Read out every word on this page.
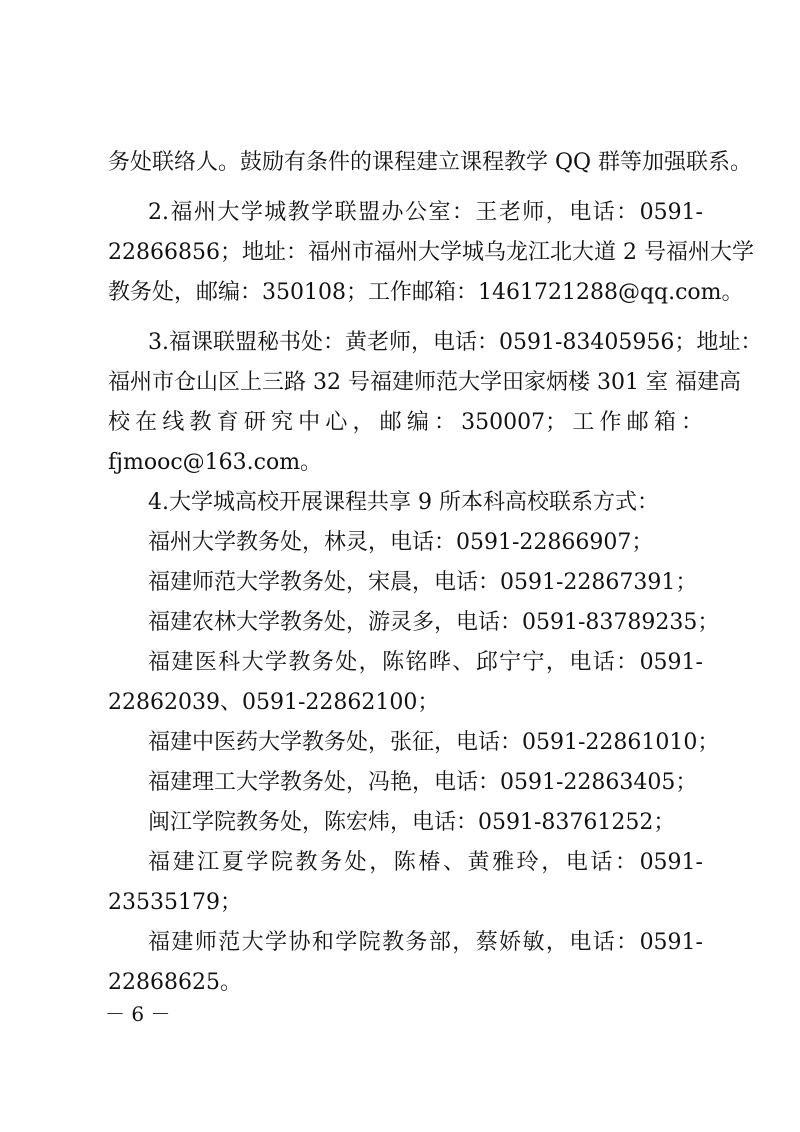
务处联络人。鼓励有条件的课程建立课程教学 QQ 群等加强联系。
2.福州大学城教学联盟办公室：王老师，电话：0591-
22866856；地址：福州市福州大学城乌龙江北大道 2 号福州大学
教务处，邮编：350108；工作邮箱：1461721288@qq.com。
3.福课联盟秘书处：黄老师，电话：0591-83405956；地址：
福州市仓山区上三路 32 号福建师范大学田家炳楼 301 室 福建高
校在线教育研究中心，邮编：350007；工作邮箱：
fjmooc@163.com。
4.大学城高校开展课程共享 9 所本科高校联系方式：
福州大学教务处，林灵，电话：0591-22866907；
福建师范大学教务处，宋晨，电话：0591-22867391；
福建农林大学教务处，游灵多，电话：0591-83789235；
福建医科大学教务处，陈铭晔、邱宁宁，电话：0591-
22862039、0591-22862100；
福建中医药大学教务处，张征，电话：0591-22861010；
福建理工大学教务处，冯艳，电话：0591-22863405；
闽江学院教务处，陈宏炜，电话：0591-83761252；
福建江夏学院教务处，陈椿、黄雅玲，电话：0591-
23535179；
福建师范大学协和学院教务部，蔡娇敏，电话：0591-
22868625。
－ 6 －
